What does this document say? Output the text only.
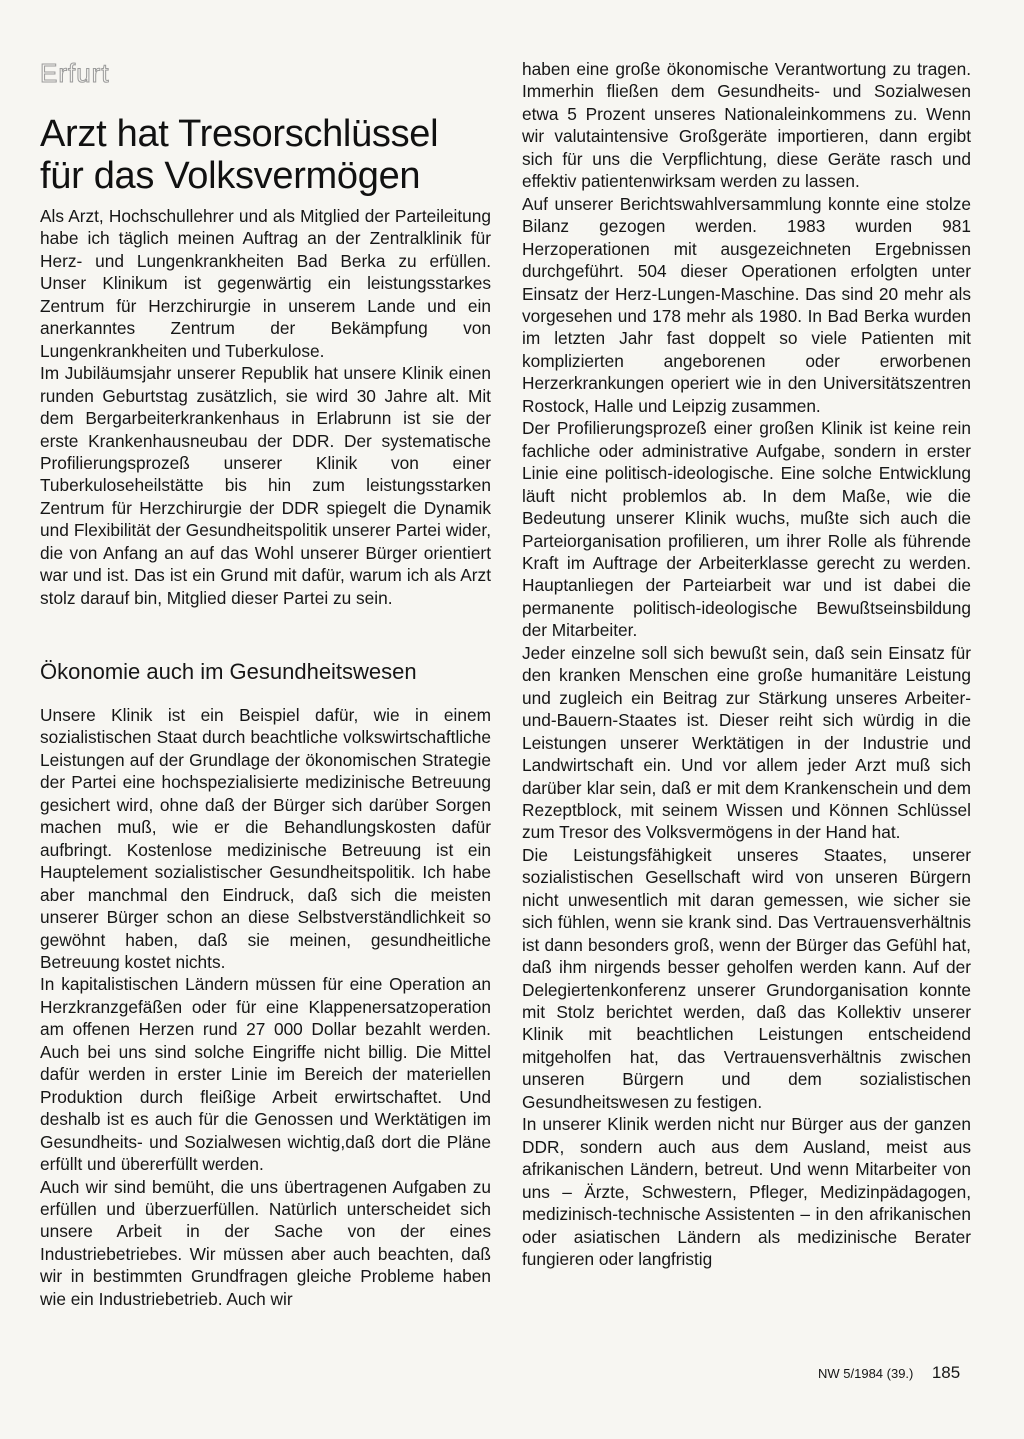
Erfurt
Arzt hat Tresorschlüssel
für das Volksvermögen

Als Arzt, Hochschullehrer und als Mitglied der Parteileitung habe ich täglich meinen Auftrag an der Zentralklinik für Herz- und Lungenkrankheiten Bad Berka zu erfüllen. Unser Klinikum ist gegenwärtig ein leistungsstarkes Zentrum für Herzchirurgie in unserem Lande und ein anerkanntes Zentrum der Bekämpfung von Lungenkrankheiten und Tuberkulose.

Im Jubiläumsjahr unserer Republik hat unsere Klinik einen runden Geburtstag zusätzlich, sie wird 30 Jahre alt. Mit dem Bergarbeiterkrankenhaus in Erlabrunn ist sie der erste Krankenhausneubau der DDR. Der systematische Profilierungsprozeß unserer Klinik von einer Tuberkuloseheilstätte bis hin zum leistungsstarken Zentrum für Herzchirurgie der DDR spiegelt die Dynamik und Flexibilität der Gesundheitspolitik unserer Partei wider, die von Anfang an auf das Wohl unserer Bürger orientiert war und ist. Das ist ein Grund mit dafür, warum ich als Arzt stolz darauf bin, Mitglied dieser Partei zu sein.

Ökonomie auch im Gesundheitswesen

Unsere Klinik ist ein Beispiel dafür, wie in einem sozialistischen Staat durch beachtliche volkswirtschaftliche Leistungen auf der Grundlage der ökonomischen Strategie der Partei eine hochspezialisierte medizinische Betreuung gesichert wird, ohne daß der Bürger sich darüber Sorgen machen muß, wie er die Behandlungskosten dafür aufbringt. Kostenlose medizinische Betreuung ist ein Hauptelement sozialistischer Gesundheitspolitik. Ich habe aber manchmal den Eindruck, daß sich die meisten unserer Bürger schon an diese Selbstverständlichkeit so gewöhnt haben, daß sie meinen, gesundheitliche Betreuung kostet nichts.

In kapitalistischen Ländern müssen für eine Operation an Herzkranzgefäßen oder für eine Klappenersatzoperation am offenen Herzen rund 27 000 Dollar bezahlt werden. Auch bei uns sind solche Eingriffe nicht billig. Die Mittel dafür werden in erster Linie im Bereich der materiellen Produktion durch fleißige Arbeit erwirtschaftet. Und deshalb ist es auch für die Genossen und Werktätigen im Gesundheits- und Sozialwesen wichtig,daß dort die Pläne erfüllt und übererfüllt werden.

Auch wir sind bemüht, die uns übertragenen Aufgaben zu erfüllen und überzuerfüllen. Natürlich unterscheidet sich unsere Arbeit in der Sache von der eines Industriebetriebes. Wir müssen aber auch beachten, daß wir in bestimmten Grundfragen gleiche Probleme haben wie ein Industriebetrieb. Auch wir

haben eine große ökonomische Verantwortung zu tragen. Immerhin fließen dem Gesundheits- und Sozialwesen etwa 5 Prozent unseres Nationaleinkommens zu. Wenn wir valutaintensive Großgeräte importieren, dann ergibt sich für uns die Verpflichtung, diese Geräte rasch und effektiv patientenwirksam werden zu lassen.

Auf unserer Berichtswahlversammlung konnte eine stolze Bilanz gezogen werden. 1983 wurden 981 Herzoperationen mit ausgezeichneten Ergebnissen durchgeführt. 504 dieser Operationen erfolgten unter Einsatz der Herz-Lungen-Maschine. Das sind 20 mehr als vorgesehen und 178 mehr als 1980. In Bad Berka wurden im letzten Jahr fast doppelt so viele Patienten mit komplizierten angeborenen oder erworbenen Herzerkrankungen operiert wie in den Universitätszentren Rostock, Halle und Leipzig zusammen.

Der Profilierungsprozeß einer großen Klinik ist keine rein fachliche oder administrative Aufgabe, sondern in erster Linie eine politisch-ideologische. Eine solche Entwicklung läuft nicht problemlos ab. In dem Maße, wie die Bedeutung unserer Klinik wuchs, mußte sich auch die Parteiorganisation profilieren, um ihrer Rolle als führende Kraft im Auftrage der Arbeiterklasse gerecht zu werden. Hauptanliegen der Parteiarbeit war und ist dabei die permanente politisch-ideologische Bewußtseinsbildung der Mitarbeiter.

Jeder einzelne soll sich bewußt sein, daß sein Einsatz für den kranken Menschen eine große humanitäre Leistung und zugleich ein Beitrag zur Stärkung unseres Arbeiter-und-Bauern-Staates ist. Dieser reiht sich würdig in die Leistungen unserer Werktätigen in der Industrie und Landwirtschaft ein. Und vor allem jeder Arzt muß sich darüber klar sein, daß er mit dem Krankenschein und dem Rezeptblock, mit seinem Wissen und Können Schlüssel zum Tresor des Volksvermögens in der Hand hat.

Die Leistungsfähigkeit unseres Staates, unserer sozialistischen Gesellschaft wird von unseren Bürgern nicht unwesentlich mit daran gemessen, wie sicher sie sich fühlen, wenn sie krank sind. Das Vertrauensverhältnis ist dann besonders groß, wenn der Bürger das Gefühl hat, daß ihm nirgends besser geholfen werden kann. Auf der Delegiertenkonferenz unserer Grundorganisation konnte mit Stolz berichtet werden, daß das Kollektiv unserer Klinik mit beachtlichen Leistungen entscheidend mitgeholfen hat, das Vertrauensverhältnis zwischen unseren Bürgern und dem sozialistischen Gesundheitswesen zu festigen.

In unserer Klinik werden nicht nur Bürger aus der ganzen DDR, sondern auch aus dem Ausland, meist aus afrikanischen Ländern, betreut. Und wenn Mitarbeiter von uns – Ärzte, Schwestern, Pfleger, Medizinpädagogen, medizinisch-technische Assistenten – in den afrikanischen oder asiatischen Ländern als medizinische Berater fungieren oder langfristig

NW 5/1984 (39.) 185
